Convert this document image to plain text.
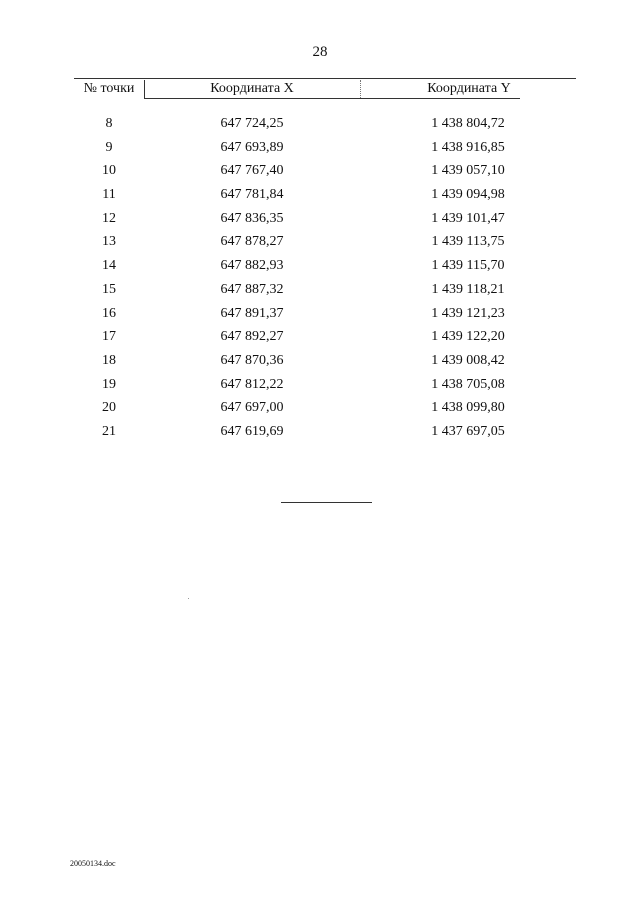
28
№ точки	Координата X	Координата Y
8	647 724,25	1 438 804,72
9	647 693,89	1 438 916,85
10	647 767,40	1 439 057,10
11	647 781,84	1 439 094,98
12	647 836,35	1 439 101,47
13	647 878,27	1 439 113,75
14	647 882,93	1 439 115,70
15	647 887,32	1 439 118,21
16	647 891,37	1 439 121,23
17	647 892,27	1 439 122,20
18	647 870,36	1 439 008,42
19	647 812,22	1 438 705,08
20	647 697,00	1 438 099,80
21	647 619,69	1 437 697,05
20050134.doc
